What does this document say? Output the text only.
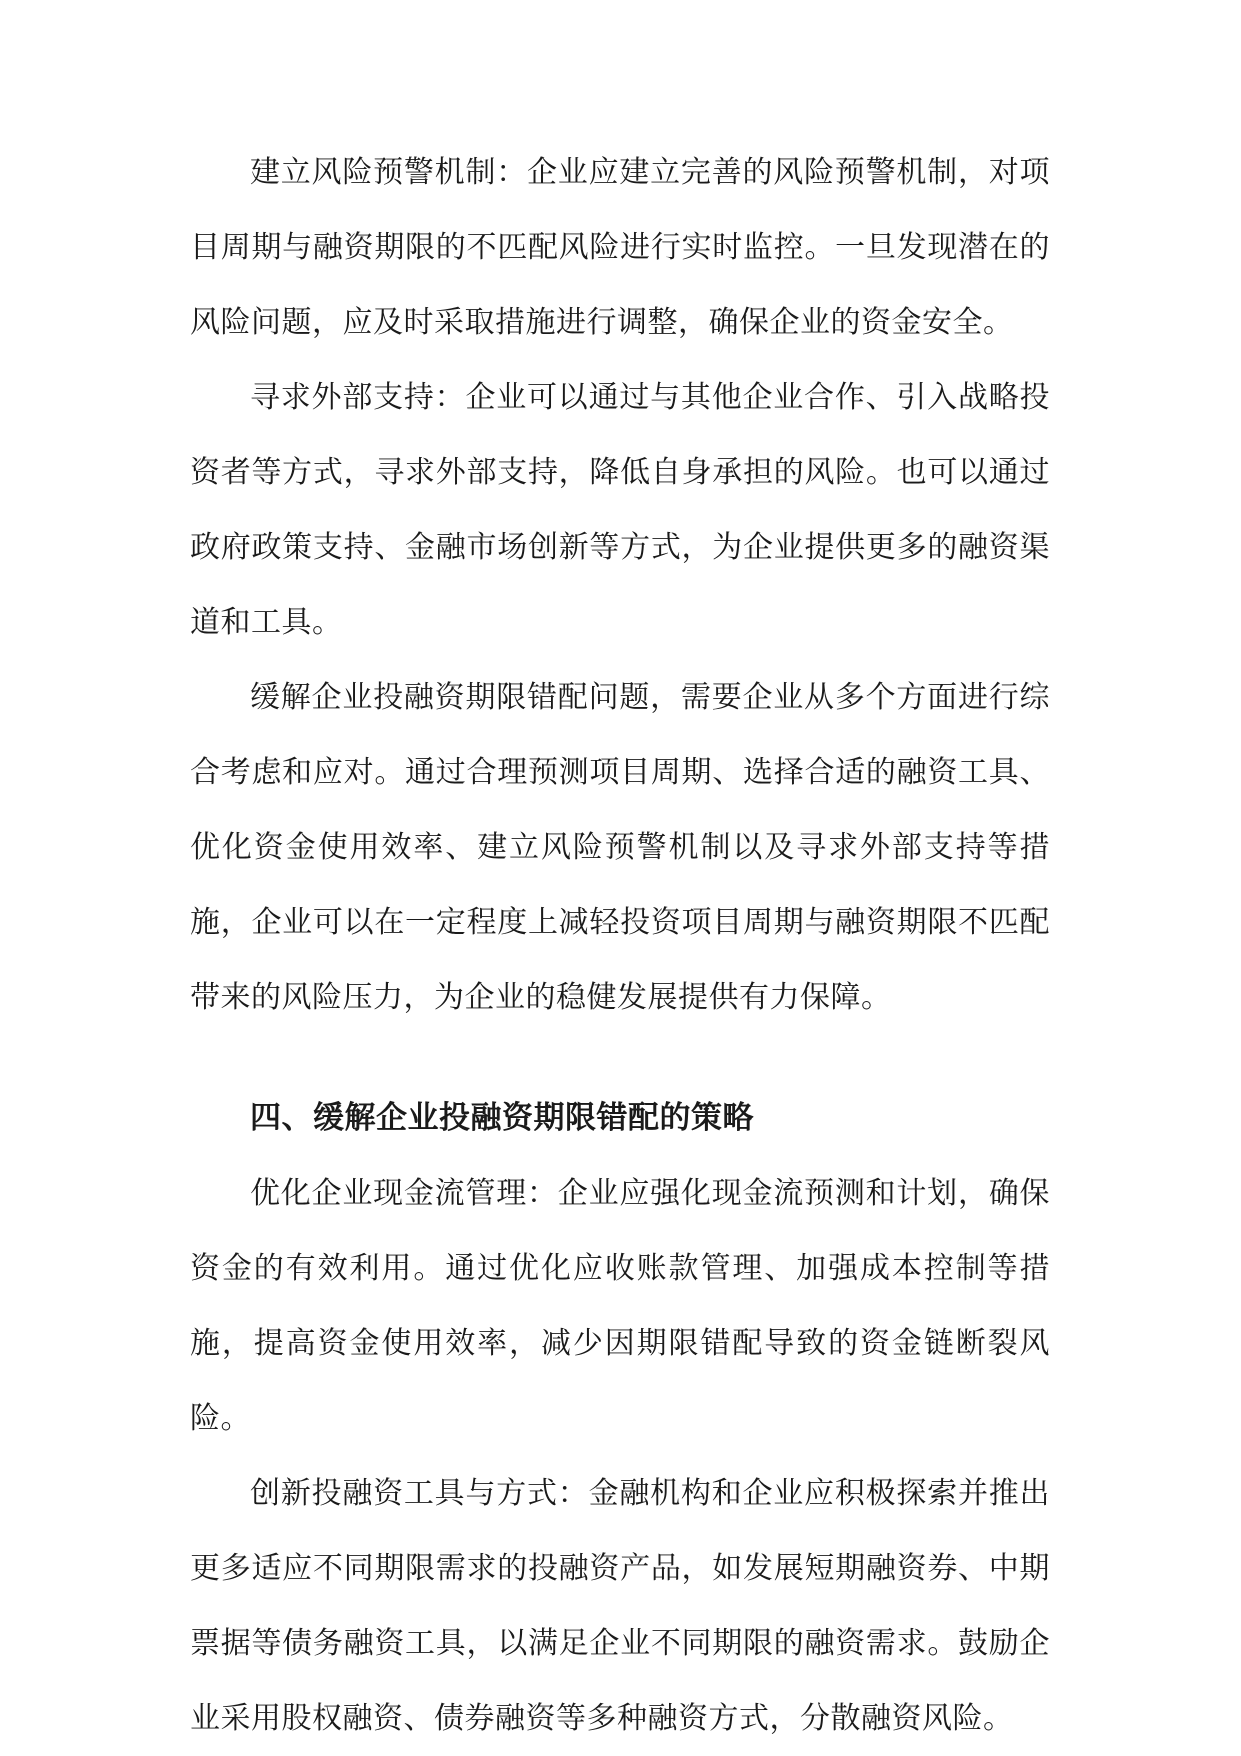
建立风险预警机制：企业应建立完善的风险预警机制，对项目周期与融资期限的不匹配风险进行实时监控。一旦发现潜在的风险问题，应及时采取措施进行调整，确保企业的资金安全。

寻求外部支持：企业可以通过与其他企业合作、引入战略投资者等方式，寻求外部支持，降低自身承担的风险。也可以通过政府政策支持、金融市场创新等方式，为企业提供更多的融资渠道和工具。

缓解企业投融资期限错配问题，需要企业从多个方面进行综合考虑和应对。通过合理预测项目周期、选择合适的融资工具、优化资金使用效率、建立风险预警机制以及寻求外部支持等措施，企业可以在一定程度上减轻投资项目周期与融资期限不匹配带来的风险压力，为企业的稳健发展提供有力保障。

四、缓解企业投融资期限错配的策略

优化企业现金流管理：企业应强化现金流预测和计划，确保资金的有效利用。通过优化应收账款管理、加强成本控制等措施，提高资金使用效率，减少因期限错配导致的资金链断裂风险。

创新投融资工具与方式：金融机构和企业应积极探索并推出更多适应不同期限需求的投融资产品，如发展短期融资券、中期票据等债务融资工具，以满足企业不同期限的融资需求。鼓励企业采用股权融资、债券融资等多种融资方式，分散融资风险。
